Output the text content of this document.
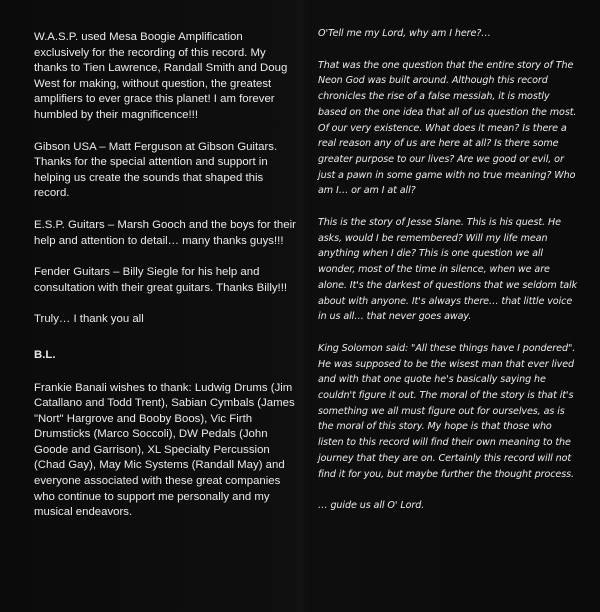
W.A.S.P. used Mesa Boogie Amplification exclusively for the recording of this record. My thanks to Tien Lawrence, Randall Smith and Doug West for making, without question, the greatest amplifiers to ever grace this planet! I am forever humbled by their magnificence!!!

Gibson USA – Matt Ferguson at Gibson Guitars. Thanks for the special attention and support in helping us create the sounds that shaped this record.

E.S.P. Guitars – Marsh Gooch and the boys for their help and attention to detail… many thanks guys!!!

Fender Guitars – Billy Siegle for his help and consultation with their great guitars. Thanks Billy!!!

Truly… I thank you all

B.L.

Frankie Banali wishes to thank: Ludwig Drums (Jim Catallano and Todd Trent), Sabian Cymbals (James "Nort" Hargrove and Booby Boos), Vic Firth Drumsticks (Marco Soccoli), DW Pedals (John Goode and Garrison), XL Specialty Percussion (Chad Gay), May Mic Systems (Randall May) and everyone associated with these great companies who continue to support me personally and my musical endeavors.

O'Tell me my Lord, why am I here?…

That was the one question that the entire story of The Neon God was built around. Although this record chronicles the rise of a false messiah, it is mostly based on the one idea that all of us question the most. Of our very existence. What does it mean? Is there a real reason any of us are here at all? Is there some greater purpose to our lives? Are we good or evil, or just a pawn in some game with no true meaning? Who am I… or am I at all?

This is the story of Jesse Slane. This is his quest. He asks, would I be remembered? Will my life mean anything when I die? This is one question we all wonder, most of the time in silence, when we are alone. It's the darkest of questions that we seldom talk about with anyone. It's always there… that little voice in us all… that never goes away.

King Solomon said: "All these things have I pondered". He was supposed to be the wisest man that ever lived and with that one quote he's basically saying he couldn't figure it out. The moral of the story is that it's something we all must figure out for ourselves, as is the moral of this story. My hope is that those who listen to this record will find their own meaning to the journey that they are on. Certainly this record will not find it for you, but maybe further the thought process.

… guide us all O' Lord.
